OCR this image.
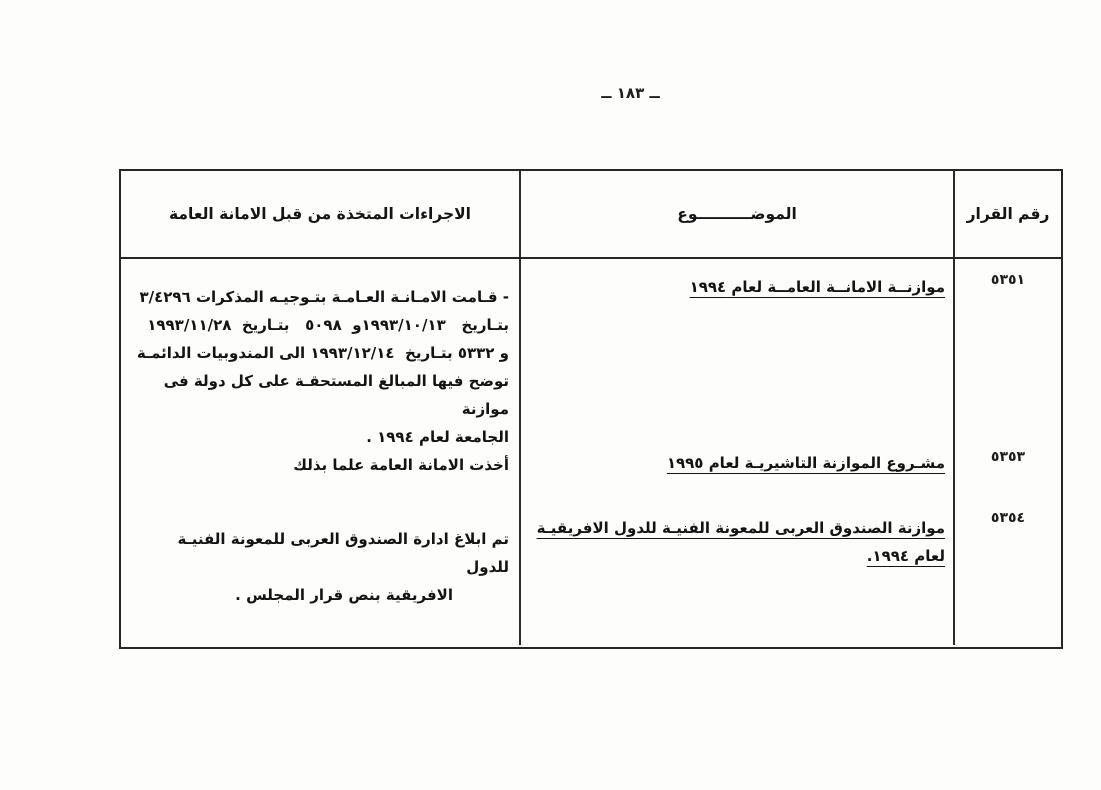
ــ ١٨٣ ــ
رقم القرار
الموضــــــــــوع
الاجراءات المتخذة من قبل الامانة العامة
٥٣٥١
٥٣٥٣
٥٣٥٤
موازنــة الامانــة العامــة لعام ١٩٩٤
مشـروع الموازنة التاشيريـة لعام ١٩٩٥
موازنة الصندوق العربى للمعونة الفنيـة للدول الافريقيـة
لعام ١٩٩٤.
- قـامت الامـانـة العـامـة بتـوجيـه المذكرات ٣/٤٢٩٦
بتـاريخ   ١٩٩٣/١٠/١٣و  ٥٠٩٨   بتـاريخ  ١٩٩٣/١١/٢٨
و ٥٣٣٢ بتـاريخ  ١٩٩٣/١٢/١٤ الى المندوبيات الدائمـة
توضح فيها المبالغ المستحقـة على كل دولة فى موازنة
الجامعة لعام ١٩٩٤ .
أخذت الامانة العامة علما بذلك
تم ابلاغ ادارة الصندوق العربى للمعونة الفنيـة للدول
الافريقية بنص قرار المجلس .
